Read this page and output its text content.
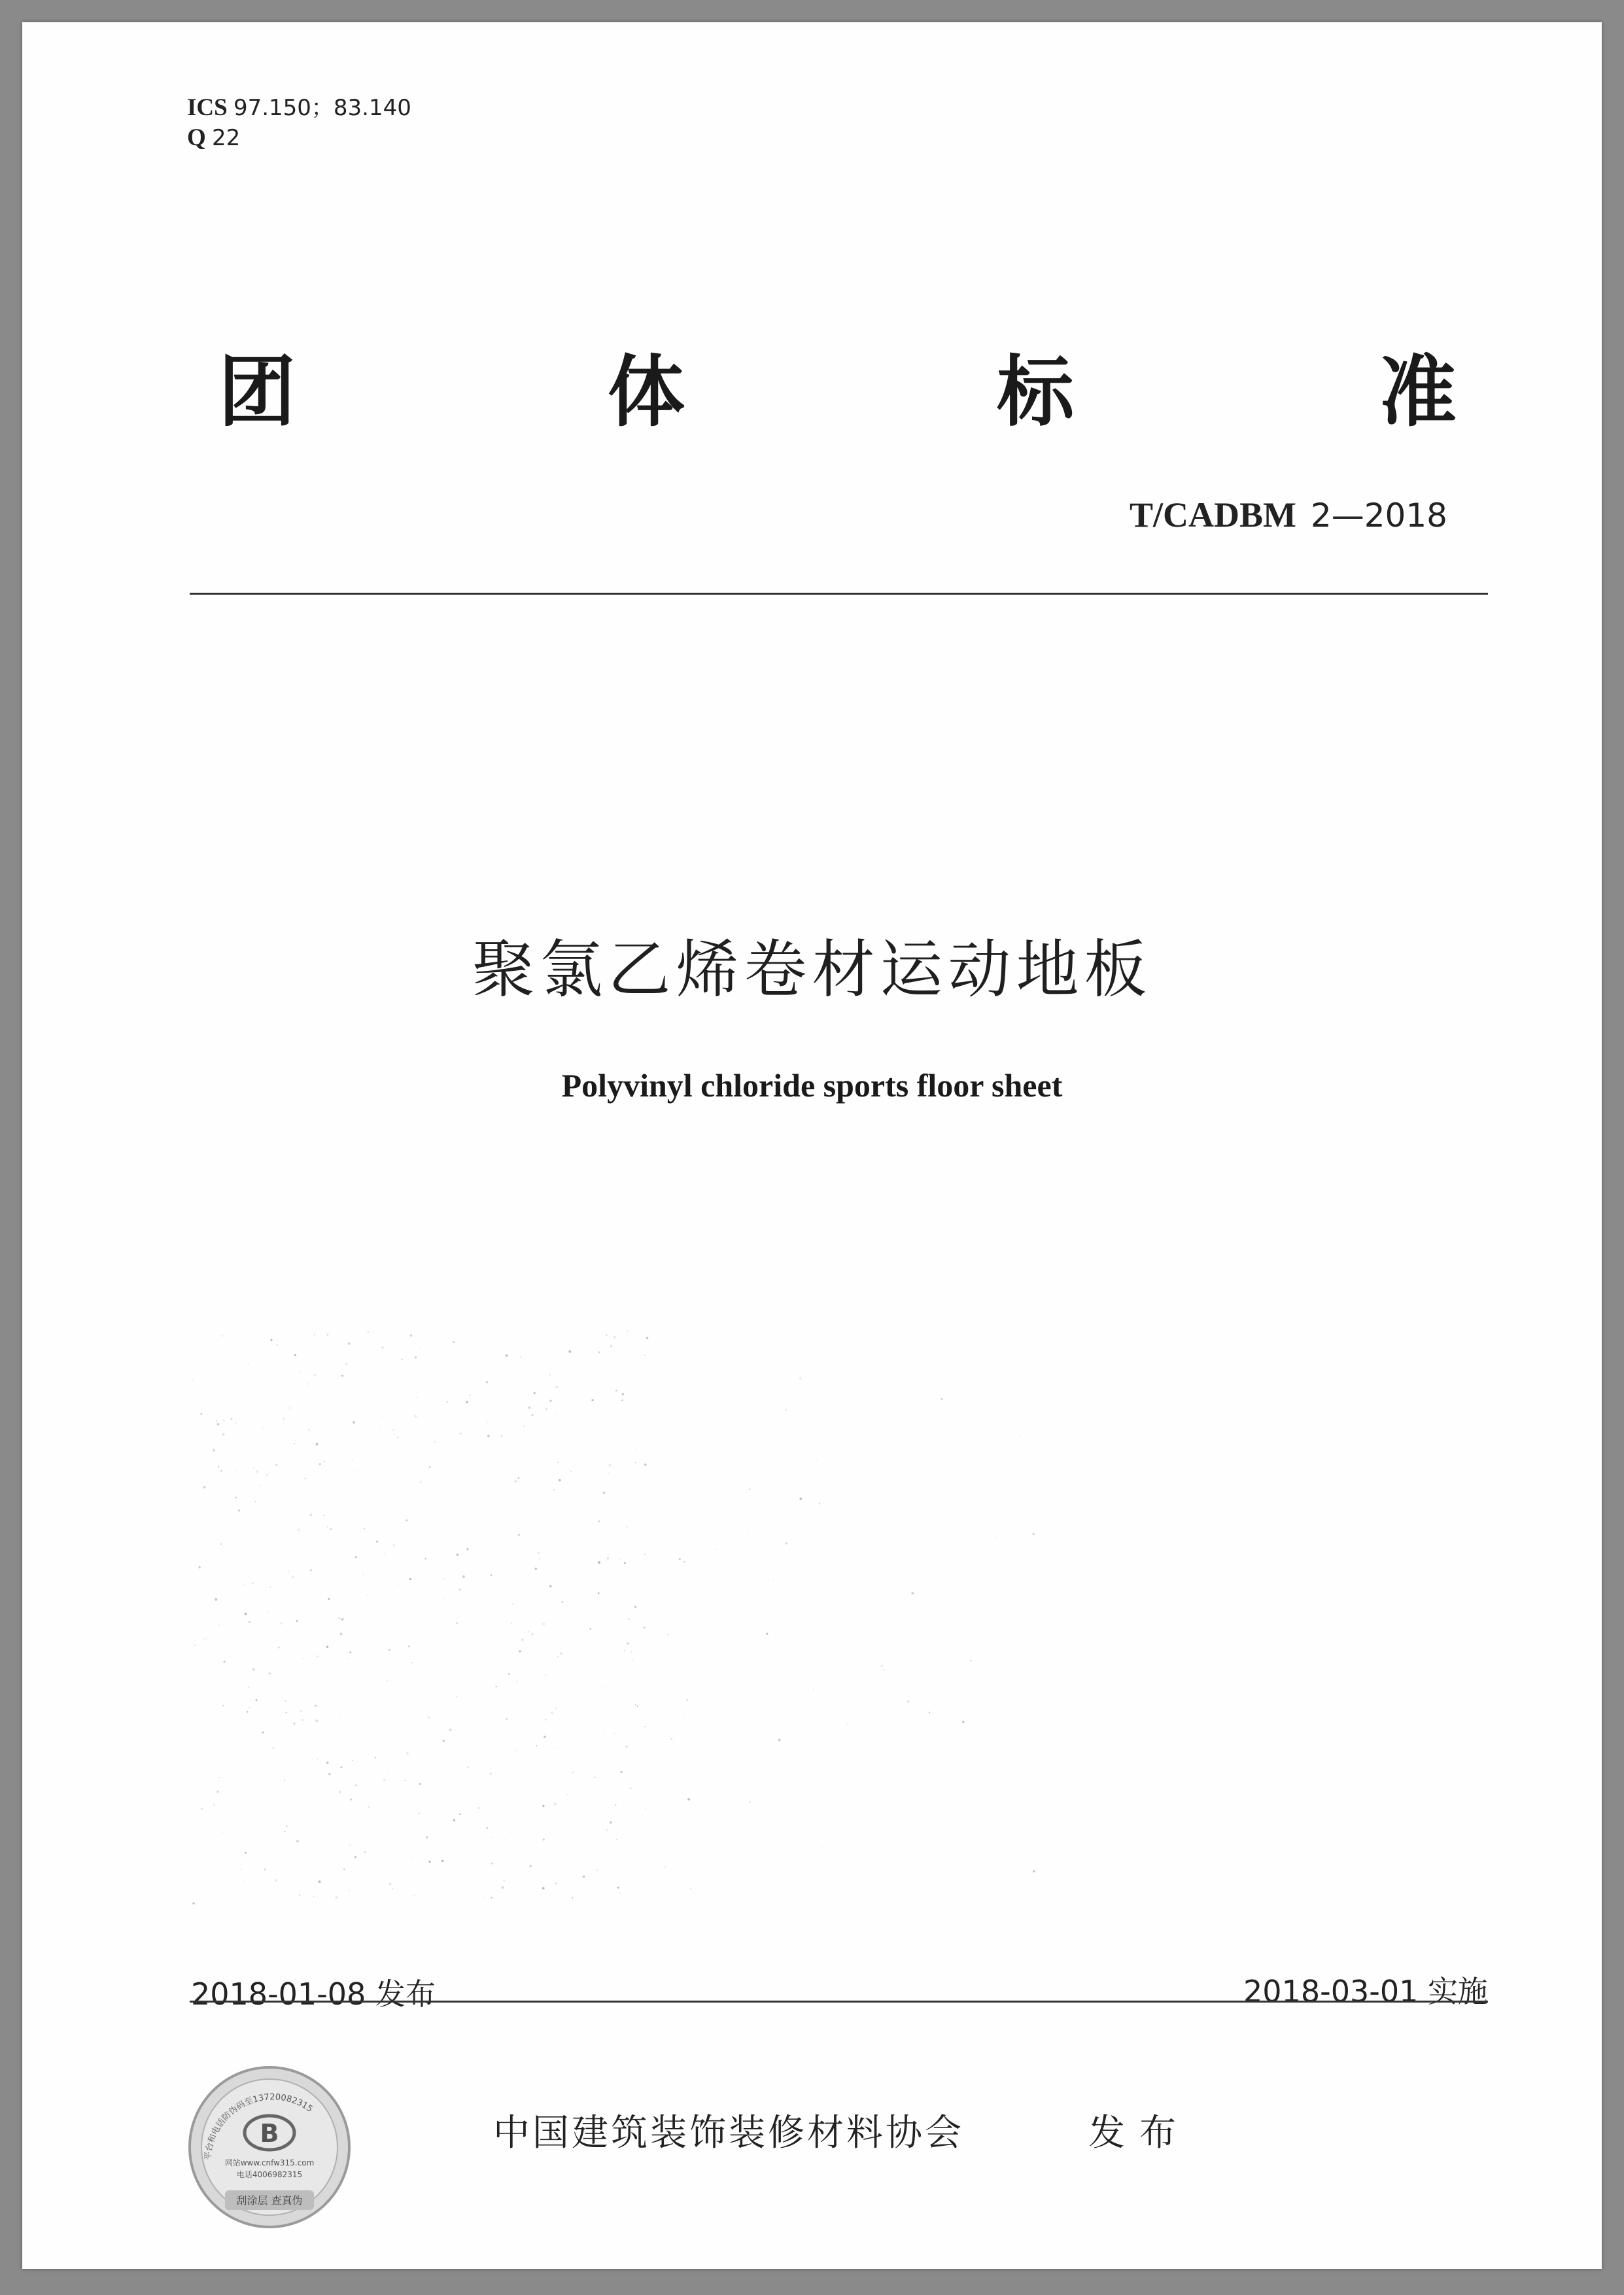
ICS 97.150；83.140
Q 22
团	体	标	准
T/CADBM 2—2018
聚氯乙烯卷材运动地板
Polyvinyl chloride sports floor sheet
2018-01-08 发布	2018-03-01 实施
平台和电话防伪码至13720082315
B
网站www.cnfw315.com
电话4006982315
刮涂层 查真伪
中国建筑装饰装修材料协会	发布
